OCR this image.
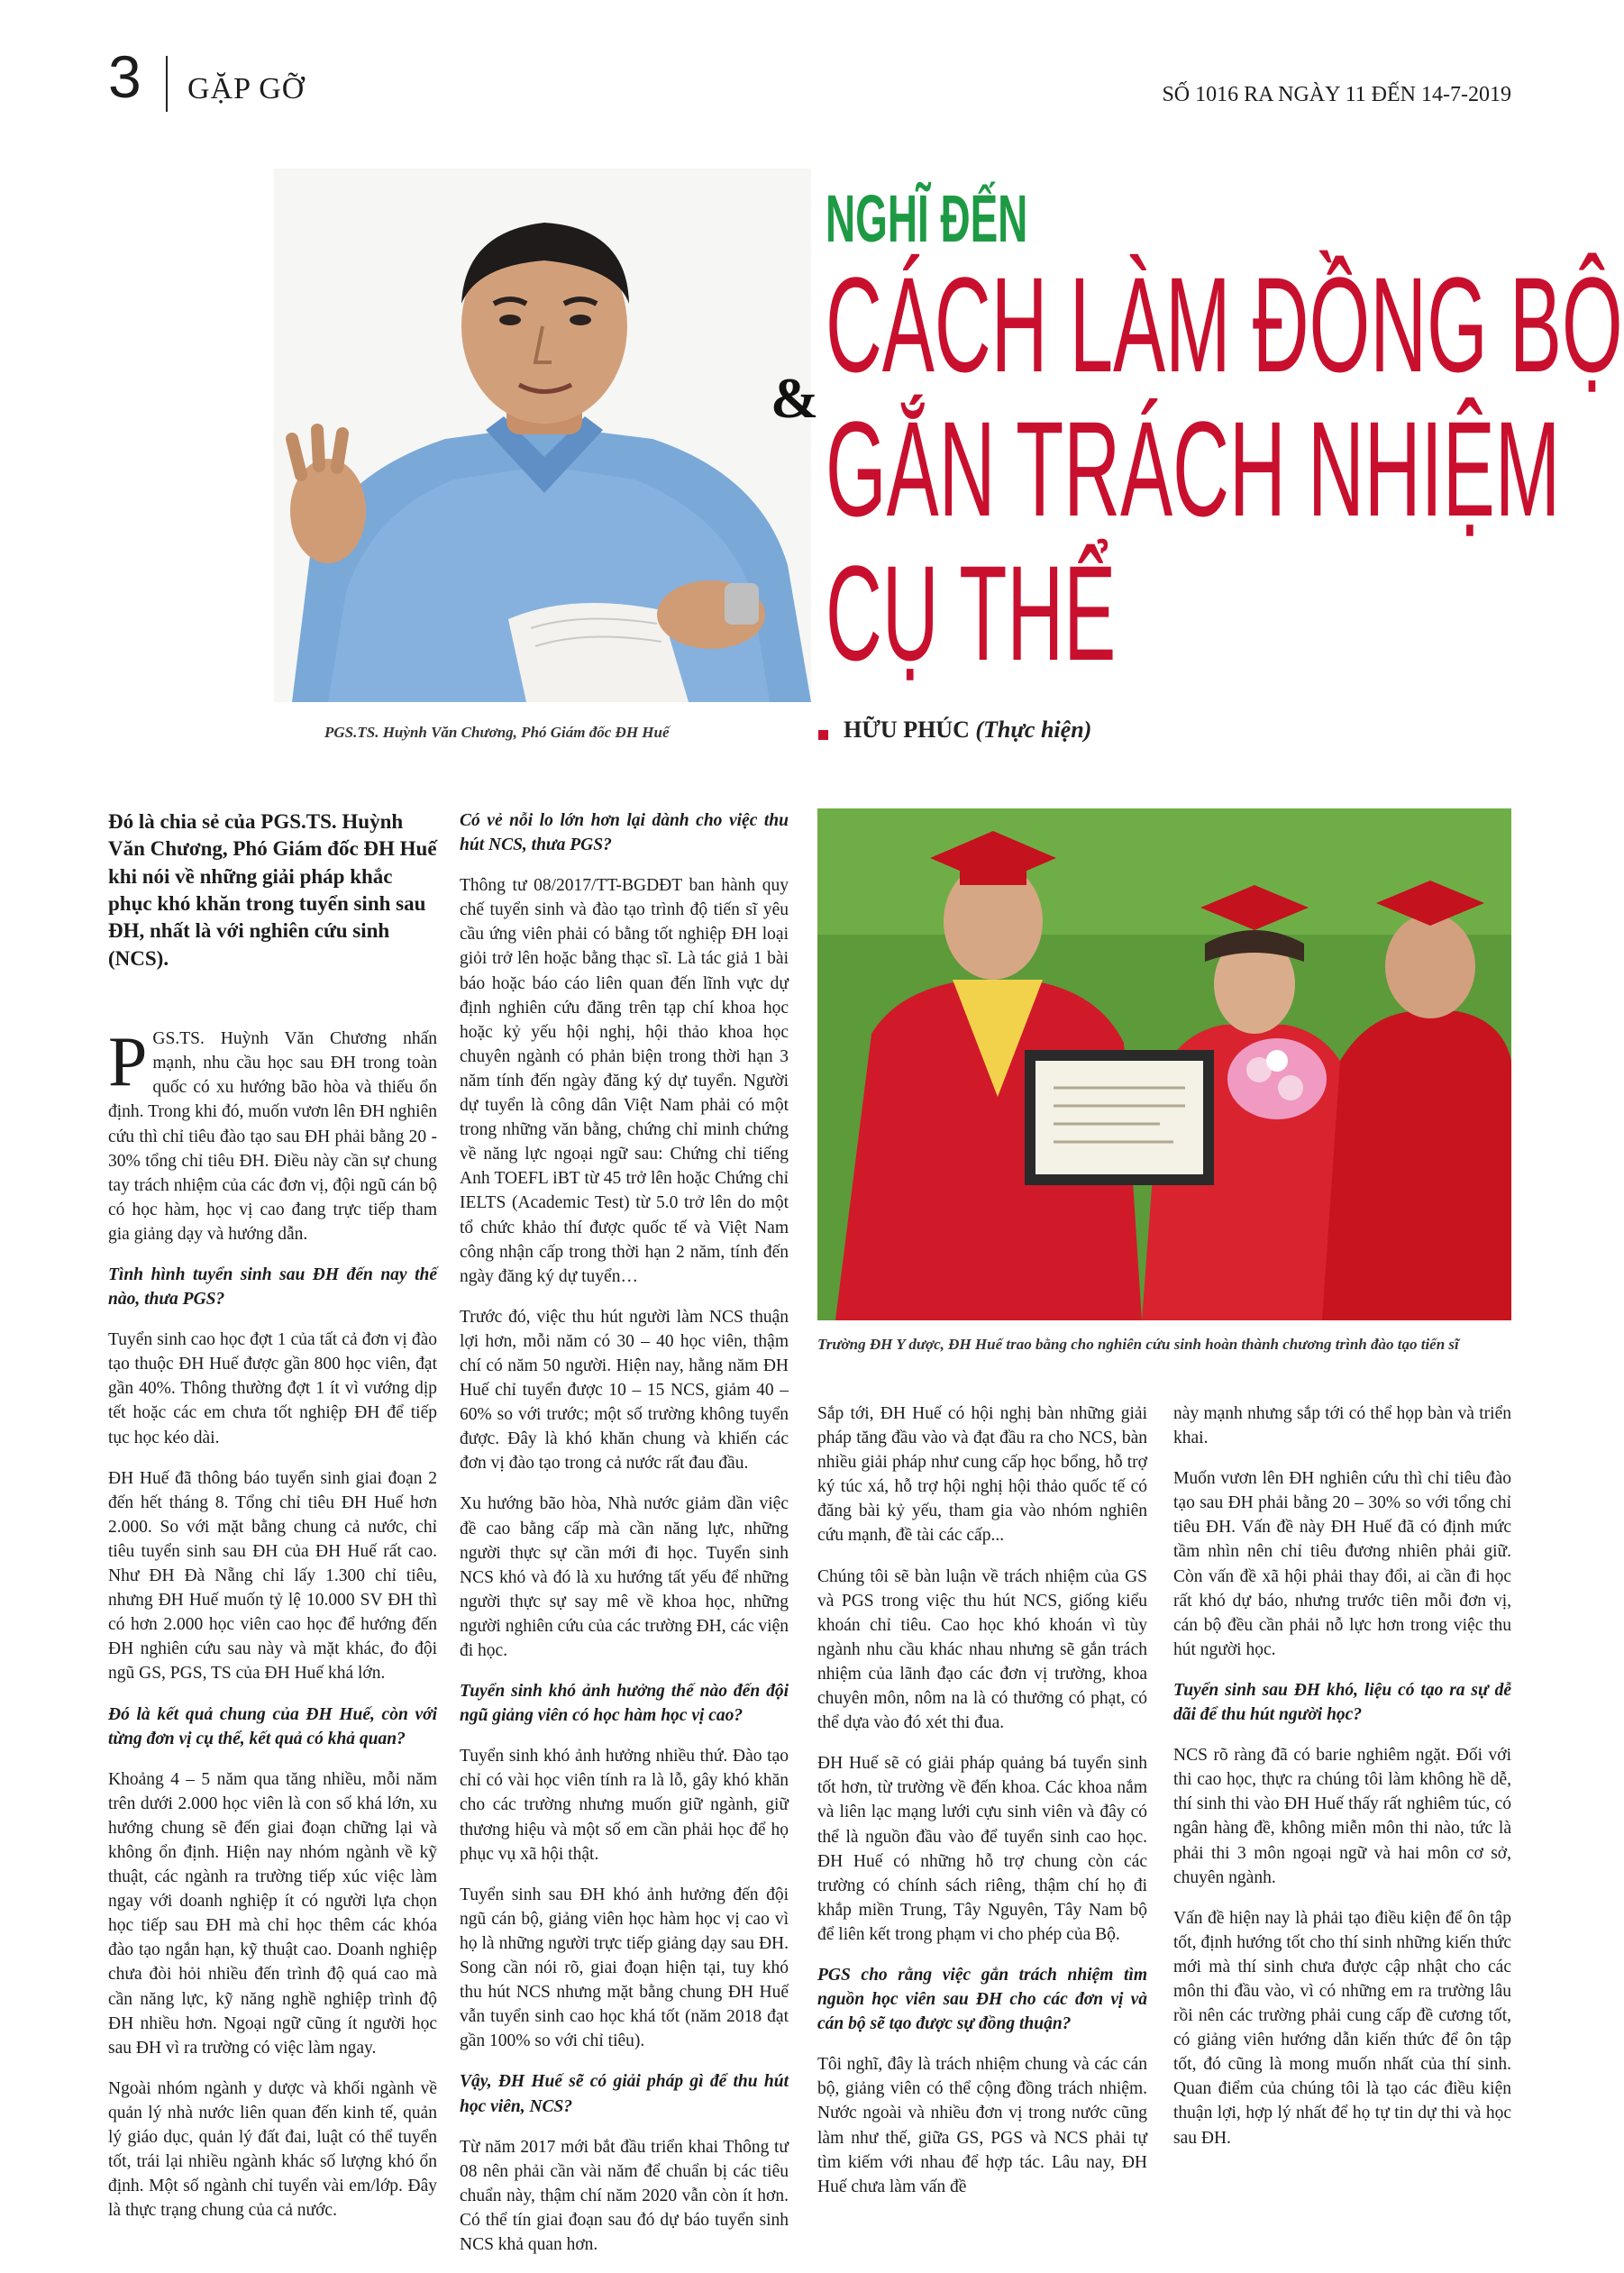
3 GẶP GỠ	SỐ 1016 RA NGÀY 11 ĐẾN 14-7-2019
PGS.TS. Huỳnh Văn Chương, Phó Giám đốc ĐH Huế
NGHĨ ĐẾN
CÁCH LÀM ĐỒNG BỘ
& GẮN TRÁCH NHIỆM
CỤ THỂ
HỮU PHÚC (Thực hiện)

Đó là chia sẻ của PGS.TS. Huỳnh Văn Chương, Phó Giám đốc ĐH Huế khi nói về những giải pháp khắc phục khó khăn trong tuyển sinh sau ĐH, nhất là với nghiên cứu sinh (NCS).

PGS.TS. Huỳnh Văn Chương nhấn mạnh, nhu cầu học sau ĐH trong toàn quốc có xu hướng bão hòa và thiếu ổn định. Trong khi đó, muốn vươn lên ĐH nghiên cứu thì chỉ tiêu đào tạo sau ĐH phải bằng 20 - 30% tổng chỉ tiêu ĐH. Điều này cần sự chung tay trách nhiệm của các đơn vị, đội ngũ cán bộ có học hàm, học vị cao đang trực tiếp tham gia giảng dạy và hướng dẫn.

Tình hình tuyển sinh sau ĐH đến nay thế nào, thưa PGS?

Tuyển sinh cao học đợt 1 của tất cả đơn vị đào tạo thuộc ĐH Huế được gần 800 học viên, đạt gần 40%. Thông thường đợt 1 ít vì vướng dịp tết hoặc các em chưa tốt nghiệp ĐH để tiếp tục học kéo dài.

ĐH Huế đã thông báo tuyển sinh giai đoạn 2 đến hết tháng 8. Tổng chỉ tiêu ĐH Huế hơn 2.000. So với mặt bằng chung cả nước, chỉ tiêu tuyển sinh sau ĐH của ĐH Huế rất cao. Như ĐH Đà Nẵng chỉ lấy 1.300 chỉ tiêu, nhưng ĐH Huế muốn tỷ lệ 10.000 SV ĐH thì có hơn 2.000 học viên cao học để hướng đến ĐH nghiên cứu sau này và mặt khác, đo đội ngũ GS, PGS, TS của ĐH Huế khá lớn.

Đó là kết quả chung của ĐH Huế, còn với từng đơn vị cụ thể, kết quả có khả quan?

Khoảng 4 – 5 năm qua tăng nhiều, mỗi năm trên dưới 2.000 học viên là con số khá lớn, xu hướng chung sẽ đến giai đoạn chững lại và không ổn định. Hiện nay nhóm ngành về kỹ thuật, các ngành ra trường tiếp xúc việc làm ngay với doanh nghiệp ít có người lựa chọn học tiếp sau ĐH mà chỉ học thêm các khóa đào tạo ngắn hạn, kỹ thuật cao. Doanh nghiệp chưa đòi hỏi nhiều đến trình độ quá cao mà cần năng lực, kỹ năng nghề nghiệp trình độ ĐH nhiều hơn. Ngoại ngữ cũng ít người học sau ĐH vì ra trường có việc làm ngay.

Ngoài nhóm ngành y dược và khối ngành về quản lý nhà nước liên quan đến kinh tế, quản lý giáo dục, quản lý đất đai, luật có thể tuyển tốt, trái lại nhiều ngành khác số lượng khó ổn định. Một số ngành chỉ tuyển vài em/lớp. Đây là thực trạng chung của cả nước.

Có vẻ nỗi lo lớn hơn lại dành cho việc thu hút NCS, thưa PGS?

Thông tư 08/2017/TT-BGDĐT ban hành quy chế tuyển sinh và đào tạo trình độ tiến sĩ yêu cầu ứng viên phải có bằng tốt nghiệp ĐH loại giỏi trở lên hoặc bằng thạc sĩ. Là tác giả 1 bài báo hoặc báo cáo liên quan đến lĩnh vực dự định nghiên cứu đăng trên tạp chí khoa học hoặc kỷ yếu hội nghị, hội thảo khoa học chuyên ngành có phản biện trong thời hạn 3 năm tính đến ngày đăng ký dự tuyển. Người dự tuyển là công dân Việt Nam phải có một trong những văn bằng, chứng chỉ minh chứng về năng lực ngoại ngữ sau: Chứng chỉ tiếng Anh TOEFL iBT từ 45 trở lên hoặc Chứng chỉ IELTS (Academic Test) từ 5.0 trở lên do một tổ chức khảo thí được quốc tế và Việt Nam công nhận cấp trong thời hạn 2 năm, tính đến ngày đăng ký dự tuyển…

Trước đó, việc thu hút người làm NCS thuận lợi hơn, mỗi năm có 30 – 40 học viên, thậm chí có năm 50 người. Hiện nay, hằng năm ĐH Huế chỉ tuyển được 10 – 15 NCS, giảm 40 – 60% so với trước; một số trường không tuyển được. Đây là khó khăn chung và khiến các đơn vị đào tạo trong cả nước rất đau đầu.

Xu hướng bão hòa, Nhà nước giảm dần việc đề cao bằng cấp mà cần năng lực, những người thực sự cần mới đi học. Tuyển sinh NCS khó và đó là xu hướng tất yếu để những người thực sự say mê về khoa học, những người nghiên cứu của các trường ĐH, các viện đi học.

Tuyển sinh khó ảnh hưởng thế nào đến đội ngũ giảng viên có học hàm học vị cao?

Tuyển sinh khó ảnh hưởng nhiều thứ. Đào tạo chỉ có vài học viên tính ra là lỗ, gây khó khăn cho các trường nhưng muốn giữ ngành, giữ thương hiệu và một số em cần phải học để họ phục vụ xã hội thật.

Tuyển sinh sau ĐH khó ảnh hưởng đến đội ngũ cán bộ, giảng viên học hàm học vị cao vì họ là những người trực tiếp giảng dạy sau ĐH. Song cần nói rõ, giai đoạn hiện tại, tuy khó thu hút NCS nhưng mặt bằng chung ĐH Huế vẫn tuyển sinh cao học khá tốt (năm 2018 đạt gần 100% so với chỉ tiêu).

Vậy, ĐH Huế sẽ có giải pháp gì để thu hút học viên, NCS?

Từ năm 2017 mới bắt đầu triển khai Thông tư 08 nên phải cần vài năm để chuẩn bị các tiêu chuẩn này, thậm chí năm 2020 vẫn còn ít hơn. Có thể tín giai đoạn sau đó dự báo tuyển sinh NCS khả quan hơn.

Trường ĐH Y dược, ĐH Huế trao bằng cho nghiên cứu sinh hoàn thành chương trình đào tạo tiến sĩ

Sắp tới, ĐH Huế có hội nghị bàn những giải pháp tăng đầu vào và đạt đầu ra cho NCS, bàn nhiều giải pháp như cung cấp học bổng, hỗ trợ ký túc xá, hỗ trợ hội nghị hội thảo quốc tế có đăng bài kỷ yếu, tham gia vào nhóm nghiên cứu mạnh, đề tài các cấp...

Chúng tôi sẽ bàn luận về trách nhiệm của GS và PGS trong việc thu hút NCS, giống kiểu khoán chỉ tiêu. Cao học khó khoán vì tùy ngành nhu cầu khác nhau nhưng sẽ gắn trách nhiệm của lãnh đạo các đơn vị trường, khoa chuyên môn, nôm na là có thưởng có phạt, có thể dựa vào đó xét thi đua.

ĐH Huế sẽ có giải pháp quảng bá tuyển sinh tốt hơn, từ trường về đến khoa. Các khoa nắm và liên lạc mạng lưới cựu sinh viên và đây có thể là nguồn đầu vào để tuyển sinh cao học. ĐH Huế có những hỗ trợ chung còn các trường có chính sách riêng, thậm chí họ đi khắp miền Trung, Tây Nguyên, Tây Nam bộ để liên kết trong phạm vi cho phép của Bộ.

PGS cho rằng việc gắn trách nhiệm tìm nguồn học viên sau ĐH cho các đơn vị và cán bộ sẽ tạo được sự đồng thuận?

Tôi nghĩ, đây là trách nhiệm chung và các cán bộ, giảng viên có thể cộng đồng trách nhiệm. Nước ngoài và nhiều đơn vị trong nước cũng làm như thế, giữa GS, PGS và NCS phải tự tìm kiếm với nhau để hợp tác. Lâu nay, ĐH Huế chưa làm vấn đề

này mạnh nhưng sắp tới có thể họp bàn và triển khai.

Muốn vươn lên ĐH nghiên cứu thì chỉ tiêu đào tạo sau ĐH phải bằng 20 – 30% so với tổng chỉ tiêu ĐH. Vấn đề này ĐH Huế đã có định mức tầm nhìn nên chỉ tiêu đương nhiên phải giữ. Còn vấn đề xã hội phải thay đổi, ai cần đi học rất khó dự báo, nhưng trước tiên mỗi đơn vị, cán bộ đều cần phải nỗ lực hơn trong việc thu hút người học.

Tuyển sinh sau ĐH khó, liệu có tạo ra sự dễ dãi để thu hút người học?

NCS rõ ràng đã có barie nghiêm ngặt. Đối với thi cao học, thực ra chúng tôi làm không hề dễ, thí sinh thi vào ĐH Huế thấy rất nghiêm túc, có ngân hàng đề, không miễn môn thi nào, tức là phải thi 3 môn ngoại ngữ và hai môn cơ sở, chuyên ngành.

Vấn đề hiện nay là phải tạo điều kiện để ôn tập tốt, định hướng tốt cho thí sinh những kiến thức mới mà thí sinh chưa được cập nhật cho các môn thi đầu vào, vì có những em ra trường lâu rồi nên các trường phải cung cấp đề cương tốt, có giảng viên hướng dẫn kiến thức để ôn tập tốt, đó cũng là mong muốn nhất của thí sinh. Quan điểm của chúng tôi là tạo các điều kiện thuận lợi, hợp lý nhất để họ tự tin dự thi và học sau ĐH.
